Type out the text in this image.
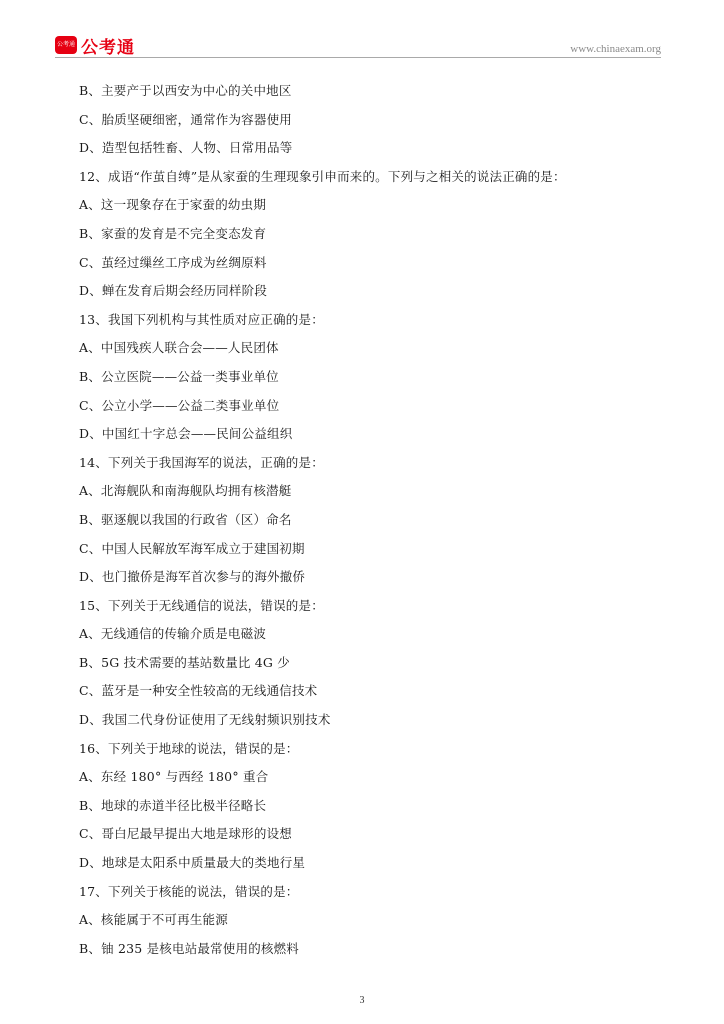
公考通 公考通	www.chinaexam.org
B、主要产于以西安为中心的关中地区
C、胎质坚硬细密，通常作为容器使用
D、造型包括牲畜、人物、日常用品等
12、成语“作茧自缚”是从家蚕的生理现象引申而来的。下列与之相关的说法正确的是：
A、这一现象存在于家蚕的幼虫期
B、家蚕的发育是不完全变态发育
C、茧经过缫丝工序成为丝绸原料
D、蝉在发育后期会经历同样阶段
13、我国下列机构与其性质对应正确的是：
A、中国残疾人联合会——人民团体
B、公立医院——公益一类事业单位
C、公立小学——公益二类事业单位
D、中国红十字总会——民间公益组织
14、下列关于我国海军的说法，正确的是：
A、北海舰队和南海舰队均拥有核潜艇
B、驱逐舰以我国的行政省（区）命名
C、中国人民解放军海军成立于建国初期
D、也门撤侨是海军首次参与的海外撤侨
15、下列关于无线通信的说法，错误的是：
A、无线通信的传输介质是电磁波
B、5G 技术需要的基站数量比 4G 少
C、蓝牙是一种安全性较高的无线通信技术
D、我国二代身份证使用了无线射频识别技术
16、下列关于地球的说法，错误的是：
A、东经 180° 与西经 180° 重合
B、地球的赤道半径比极半径略长
C、哥白尼最早提出大地是球形的设想
D、地球是太阳系中质量最大的类地行星
17、下列关于核能的说法，错误的是：
A、核能属于不可再生能源
B、铀 235 是核电站最常使用的核燃料
3
